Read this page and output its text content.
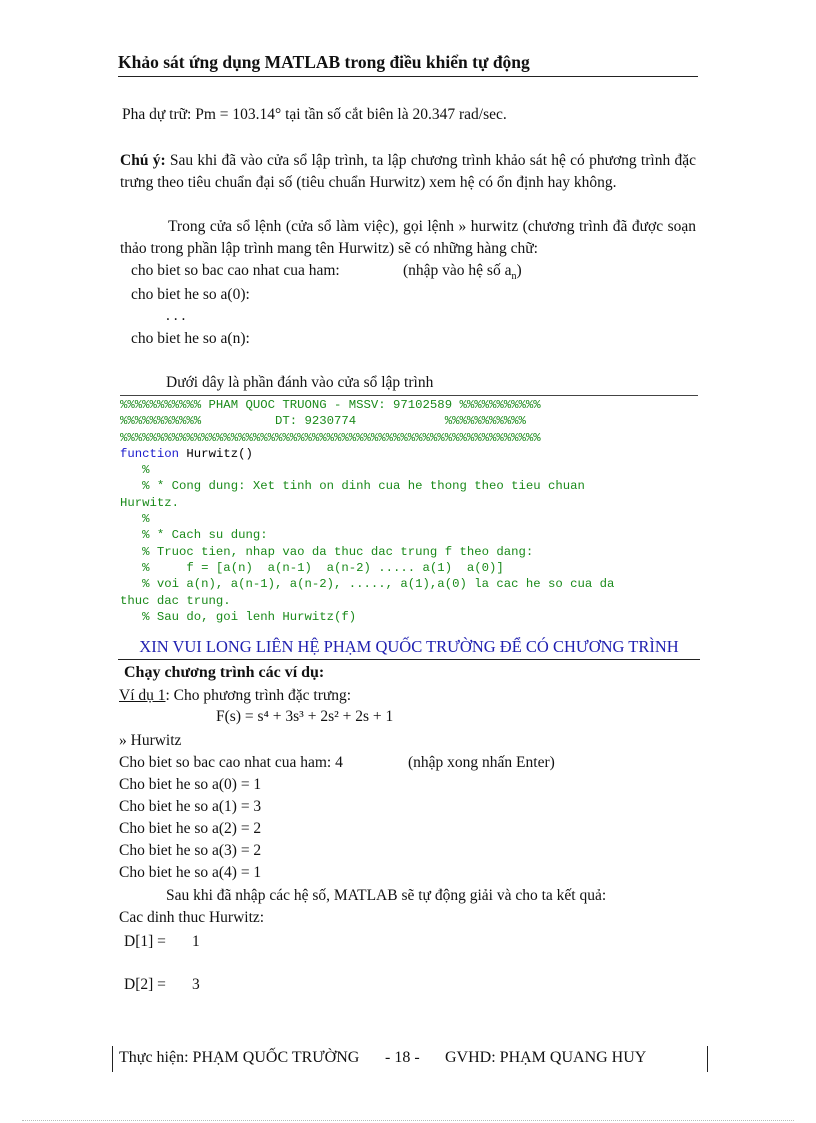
Khảo sát ứng dụng MATLAB trong điều khiển tự động
Pha dự trữ: Pm = 103.14° tại tần số cắt biên là 20.347 rad/sec.
Chú ý: Sau khi đã vào cửa sổ lập trình, ta lập chương trình khảo sát hệ có phương trình đặc trưng theo tiêu chuẩn đại số (tiêu chuẩn Hurwitz) xem hệ có ổn định hay không.
Trong cửa sổ lệnh (cửa sổ làm việc), gọi lệnh » hurwitz (chương trình đã được soạn thảo trong phần lập trình mang tên Hurwitz) sẽ có những hàng chữ:
cho biet so bac cao nhat cua ham:	(nhập vào hệ số $a_n$)
cho biet he so a(0):
. . .
cho biet he so a(n):
Dưới dây là phần đánh vào cửa sổ lập trình
%%%%%%%%%%% PHAM QUOC TRUONG - MSSV: 97102589 %%%%%%%%%%%
%%%%%%%%%%%          DT: 9230774            %%%%%%%%%%%
%%%%%%%%%%%%%%%%%%%%%%%%%%%%%%%%%%%%%%%%%%%%%%%%%%%%%%%%%
function Hurwitz()
%
% * Cong dung: Xet tinh on dinh cua he thong theo tieu chuan
Hurwitz.
%
% * Cach su dung:
% Truoc tien, nhap vao da thuc dac trung f theo dang:
%     f = [a(n)  a(n-1)  a(n-2) ..... a(1)  a(0)]
% voi a(n), a(n-1), a(n-2), ....., a(1),a(0) la cac he so cua da
thuc dac trung.
% Sau do, goi lenh Hurwitz(f)
XIN VUI LONG LIÊN HỆ PHẠM QUỐC TRƯỜNG ĐỂ CÓ CHƯƠNG TRÌNH
Chạy chương trình các ví dụ:
Ví dụ 1: Cho phương trình đặc trưng:
F(s) = s⁴ + 3s³ + 2s² + 2s + 1
» Hurwitz
Cho biet so bac cao nhat cua ham: 4	(nhập xong nhấn Enter)
Cho biet he so a(0) = 1
Cho biet he so a(1) = 3
Cho biet he so a(2) = 2
Cho biet he so a(3) = 2
Cho biet he so a(4) = 1
Sau khi đã nhập các hệ số, MATLAB sẽ tự động giải và cho ta kết quả:
Cac dinh thuc Hurwitz:
D[1] = 1
D[2] = 3
Thực hiện: PHẠM QUỐC TRƯỜNG - 18 - GVHD: PHẠM QUANG HUY
